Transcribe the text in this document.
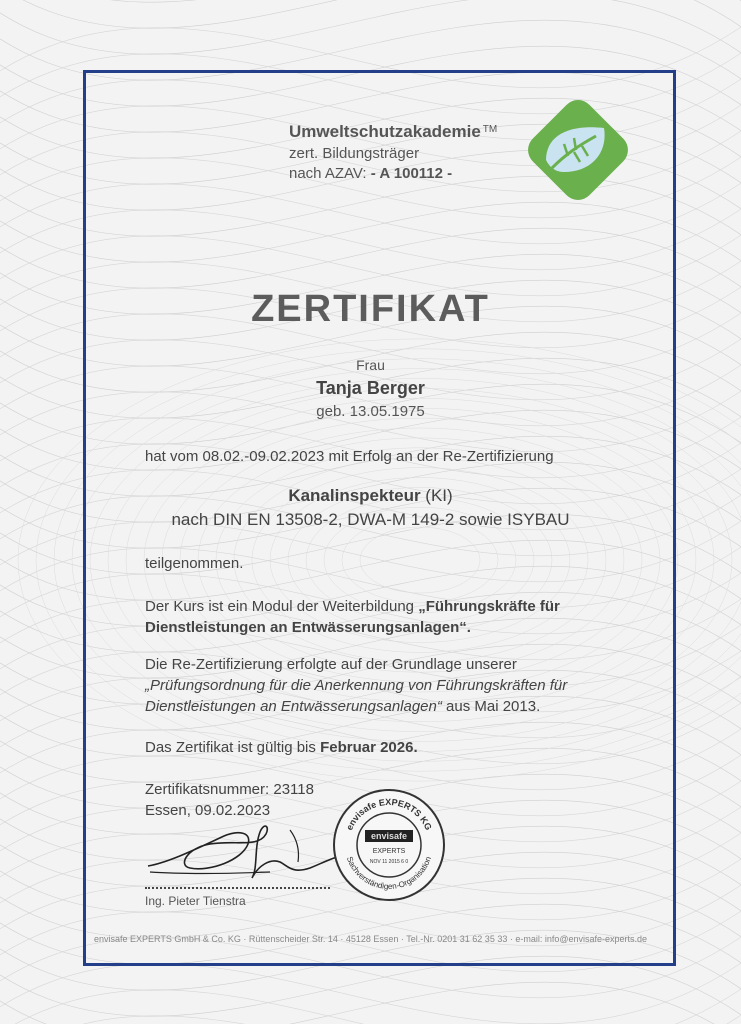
Umweltschutzakademie ™
zert. Bildungsträger
nach AZAV: - A 100112 -
ZERTIFIKAT
Frau
Tanja Berger
geb. 13.05.1975
hat vom 08.02.-09.02.2023 mit Erfolg an der Re-Zertifizierung
Kanalinspekteur (KI)
nach DIN EN 13508-2, DWA-M 149-2 sowie ISYBAU
teilgenommen.
Der Kurs ist ein Modul der Weiterbildung „Führungskräfte für
Dienstleistungen an Entwässerungsanlagen“.
Die Re-Zertifizierung erfolgte auf der Grundlage unserer
„Prüfungsordnung für die Anerkennung von Führungskräften für
Dienstleistungen an Entwässerungsanlagen“ aus Mai 2013.
Das Zertifikat ist gültig bis Februar 2026.
Zertifikatsnummer: 23118
Essen, 09.02.2023
Ing. Pieter Tienstra
envisafe EXPERTS KG
Sachverständigen-Organisation
envisafe
EXPERTS
NOV 11 2015 6 0
envisafe EXPERTS GmbH & Co. KG · Rüttenscheider Str. 14 · 45128 Essen · Tel.-Nr. 0201 31 62 35 33 · e-mail: info@envisafe-experts.de
